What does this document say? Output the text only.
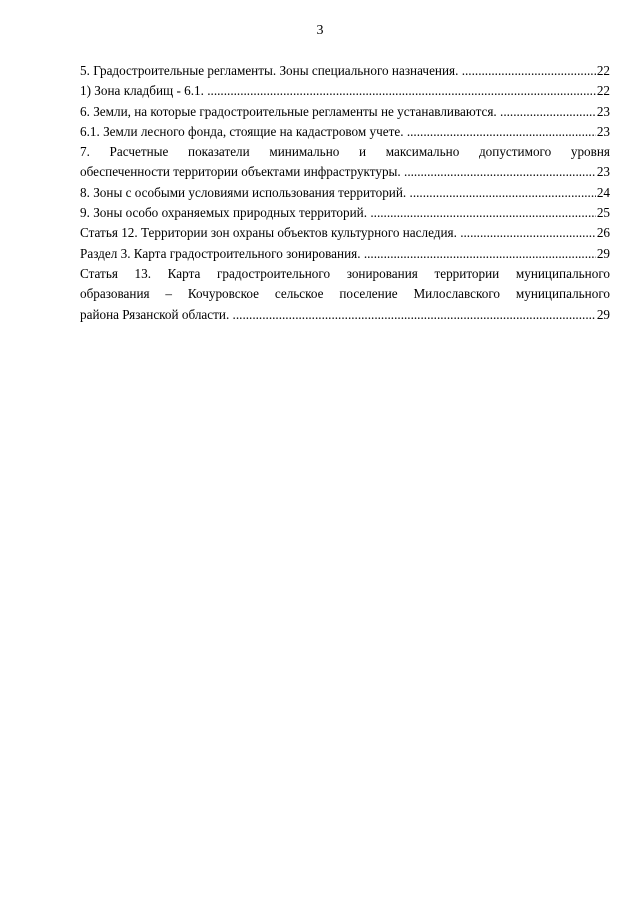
3
5. Градостроительные регламенты. Зоны специального назначения. .....	22
1) Зона кладбищ - 6.1. .....	22
6. Земли, на которые градостроительные регламенты не устанавливаются. .....	23
6.1. Земли лесного фонда, стоящие на кадастровом учете. .....	23
7. Расчетные показатели минимально и максимально допустимого уровня
обеспеченности территории объектами инфраструктуры. .....	23
8. Зоны с особыми условиями использования территорий. .....	24
9. Зоны особо охраняемых природных территорий. .....	25
Статья 12. Территории зон охраны объектов культурного наследия. .....	26
Раздел 3. Карта градостроительного зонирования. .....	29
Статья 13. Карта градостроительного зонирования территории муниципального
образования – Кочуровское сельское поселение Милославского муниципального
района Рязанской области. .....	29
